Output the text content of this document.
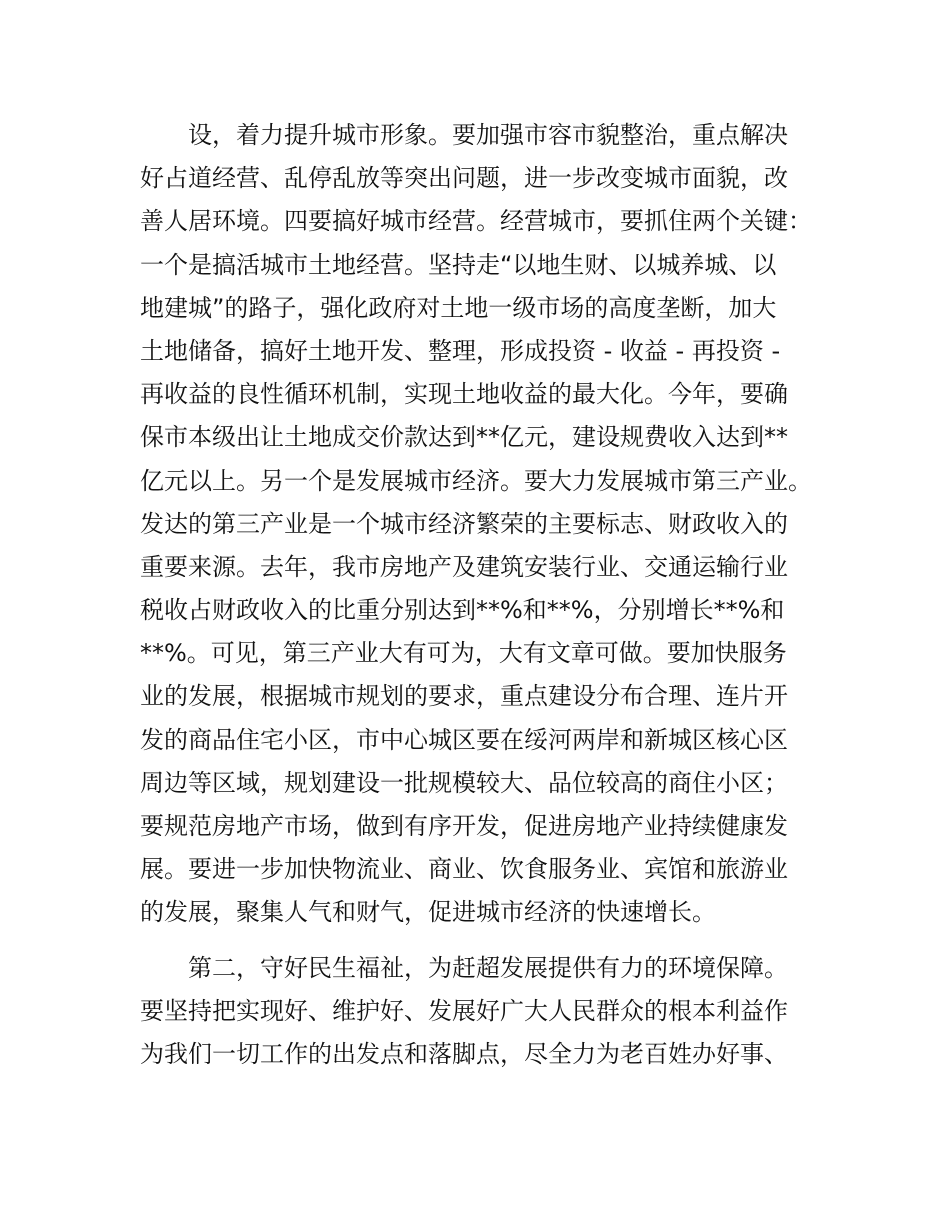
设，着力提升城市形象。要加强市容市貌整治，重点解决
好占道经营、乱停乱放等突出问题，进一步改变城市面貌，改
善人居环境。四要搞好城市经营。经营城市，要抓住两个关键：
一个是搞活城市土地经营。坚持走“以地生财、以城养城、以
地建城”的路子，强化政府对土地一级市场的高度垄断，加大
土地储备，搞好土地开发、整理，形成投资 - 收益 - 再投资 -
再收益的良性循环机制，实现土地收益的最大化。今年，要确
保市本级出让土地成交价款达到**亿元，建设规费收入达到**
亿元以上。另一个是发展城市经济。要大力发展城市第三产业。
发达的第三产业是一个城市经济繁荣的主要标志、财政收入的
重要来源。去年，我市房地产及建筑安装行业、交通运输行业
税收占财政收入的比重分别达到**%和**%，分别增长**%和
**%。可见，第三产业大有可为，大有文章可做。要加快服务
业的发展，根据城市规划的要求，重点建设分布合理、连片开
发的商品住宅小区，市中心城区要在绥河两岸和新城区核心区
周边等区域，规划建设一批规模较大、品位较高的商住小区；
要规范房地产市场，做到有序开发，促进房地产业持续健康发
展。要进一步加快物流业、商业、饮食服务业、宾馆和旅游业
的发展，聚集人气和财气，促进城市经济的快速增长。
第二，守好民生福祉，为赶超发展提供有力的环境保障。
要坚持把实现好、维护好、发展好广大人民群众的根本利益作
为我们一切工作的出发点和落脚点，尽全力为老百姓办好事、
